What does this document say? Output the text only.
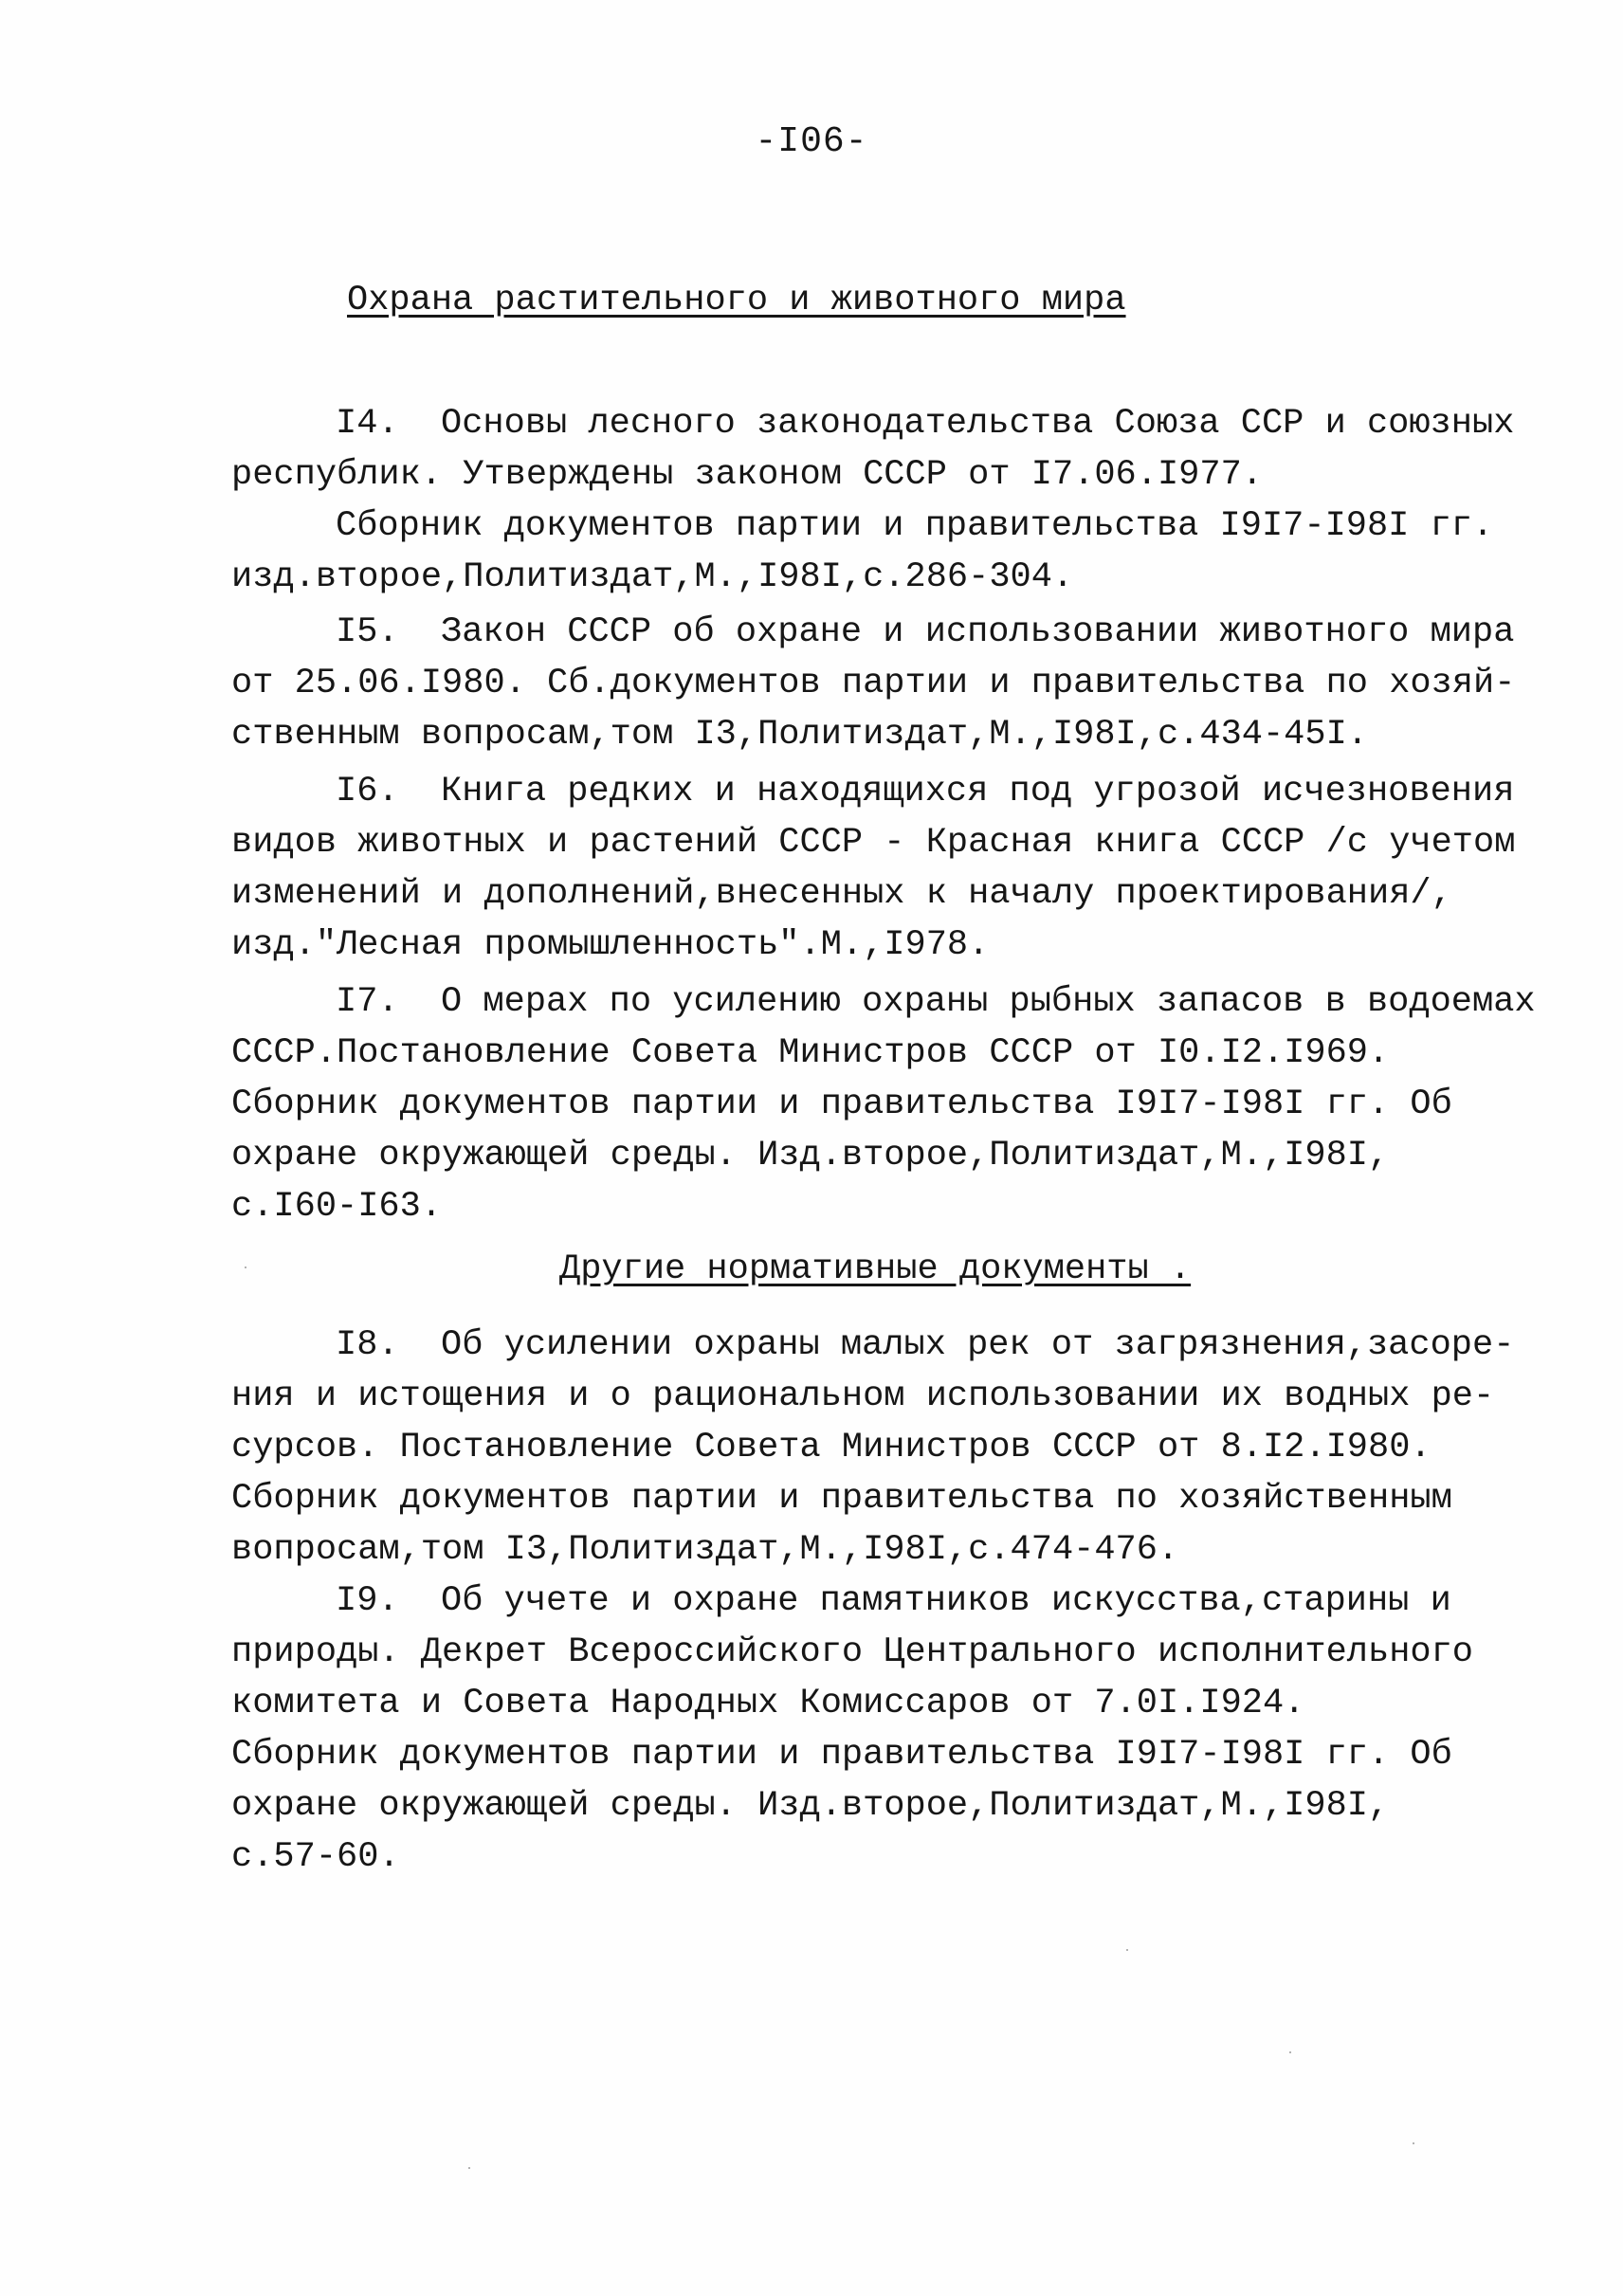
-I06-
Охрана растительного и животного мира

I4.  Основы лесного законодательства Союза ССР и союзных

республик. Утверждены законом СССР от I7.06.I977.

Сборник документов партии и правительства I9I7-I98I гг.

изд.второе,Политиздат,М.,I98I,с.286-304.

I5.  Закон СССР об охране и использовании животного мира

от 25.06.I980. Сб.документов партии и правительства по хозяй-

ственным вопросам,том I3,Политиздат,М.,I98I,с.434-45I.

I6.  Книга редких и находящихся под угрозой исчезновения

видов животных и растений СССР - Красная книга СССР /с учетом

изменений и дополнений,внесенных к началу проектирования/,

изд."Лесная промышленность".М.,I978.

I7.  О мерах по усилению охраны рыбных запасов в водоемах

СССР.Постановление Совета Министров СССР от I0.I2.I969.

Сборник документов партии и правительства I9I7-I98I гг. Об

охране окружающей среды. Изд.второе,Политиздат,М.,I98I,

с.I60-I63.

Другие нормативные документы .

I8.  Об усилении охраны малых рек от загрязнения,засоре-

ния и истощения и о рациональном использовании их водных ре-

сурсов. Постановление Совета Министров СССР от 8.I2.I980.

Сборник документов партии и правительства по хозяйственным

вопросам,том I3,Политиздат,М.,I98I,с.474-476.

I9.  Об учете и охране памятников искусства,старины и

природы. Декрет Всероссийского Центрального исполнительного

комитета и Совета Народных Комиссаров от 7.0I.I924.

Сборник документов партии и правительства I9I7-I98I гг. Об

охране окружающей среды. Изд.второе,Политиздат,М.,I98I,

с.57-60.
